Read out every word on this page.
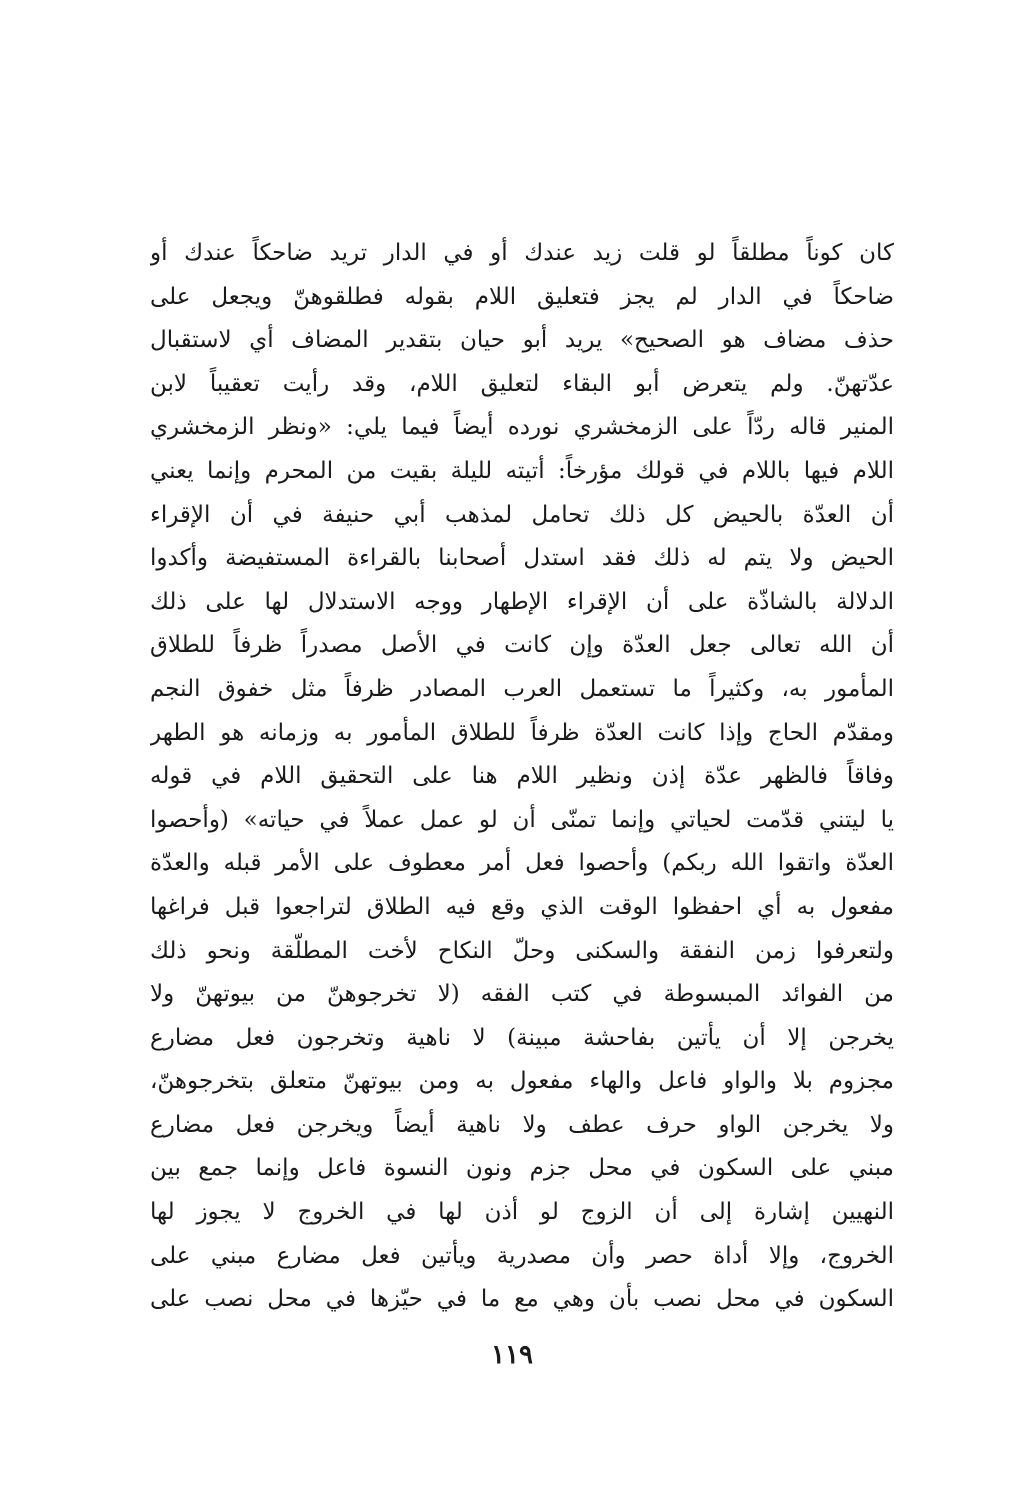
كان كوناً مطلقاً لو قلت زيد عندك أو في الدار تريد ضاحكاً عندك أو
ضاحكاً في الدار لم يجز فتعليق اللام بقوله فطلقوهنّ ويجعل على
حذف مضاف هو الصحيح» يريد أبو حيان بتقدير المضاف أي لاستقبال
عدّتهنّ. ولم يتعرض أبو البقاء لتعليق اللام، وقد رأيت تعقيباً لابن
المنير قاله ردّاً على الزمخشري نورده أيضاً فيما يلي: «ونظر الزمخشري
اللام فيها باللام في قولك مؤرخاً: أتيته لليلة بقيت من المحرم وإنما يعني
أن العدّة بالحيض كل ذلك تحامل لمذهب أبي حنيفة في أن الإقراء
الحيض ولا يتم له ذلك فقد استدل أصحابنا بالقراءة المستفيضة وأكدوا
الدلالة بالشاذّة على أن الإقراء الإطهار ووجه الاستدلال لها على ذلك
أن الله تعالى جعل العدّة وإن كانت في الأصل مصدراً ظرفاً للطلاق
المأمور به، وكثيراً ما تستعمل العرب المصادر ظرفاً مثل خفوق النجم
ومقدّم الحاج وإذا كانت العدّة ظرفاً للطلاق المأمور به وزمانه هو الطهر
وفاقاً فالظهر عدّة إذن ونظير اللام هنا على التحقيق اللام في قوله
يا ليتني قدّمت لحياتي وإنما تمنّى أن لو عمل عملاً في حياته» (وأحصوا
العدّة واتقوا الله ربكم) وأحصوا فعل أمر معطوف على الأمر قبله والعدّة
مفعول به أي احفظوا الوقت الذي وقع فيه الطلاق لتراجعوا قبل فراغها
ولتعرفوا زمن النفقة والسكنى وحلّ النكاح لأخت المطلّقة ونحو ذلك
من الفوائد المبسوطة في كتب الفقه (لا تخرجوهنّ من بيوتهنّ ولا
يخرجن إلا أن يأتين بفاحشة مبينة) لا ناهية وتخرجون فعل مضارع
مجزوم بلا والواو فاعل والهاء مفعول به ومن بيوتهنّ متعلق بتخرجوهنّ،
ولا يخرجن الواو حرف عطف ولا ناهية أيضاً ويخرجن فعل مضارع
مبني على السكون في محل جزم ونون النسوة فاعل وإنما جمع بين
النهيين إشارة إلى أن الزوج لو أذن لها في الخروج لا يجوز لها
الخروج، وإلا أداة حصر وأن مصدرية ويأتين فعل مضارع مبني على
السكون في محل نصب بأن وهي مع ما في حيّزها في محل نصب على
١١٩
